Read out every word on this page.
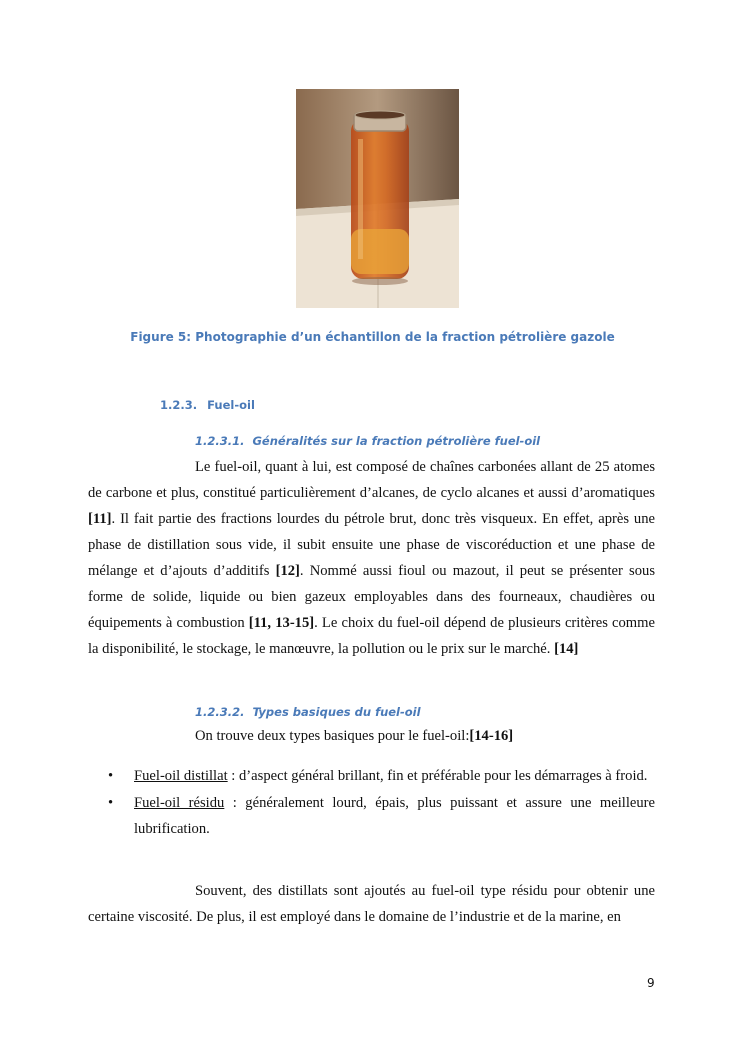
Figure 5: Photographie d’un échantillon de la fraction pétrolière gazole
1.2.3. Fuel-oil
1.2.3.1. Généralités sur la fraction pétrolière fuel-oil
Le fuel-oil, quant à lui, est composé de chaînes carbonées allant de 25 atomes de carbone et plus, constitué particulièrement d’alcanes, de cyclo alcanes et aussi d’aromatiques [11]. Il fait partie des fractions lourdes du pétrole brut, donc très visqueux. En effet, après une phase de distillation sous vide, il subit ensuite une phase de viscoréduction et une phase de mélange et d’ajouts d’additifs [12]. Nommé aussi fioul ou mazout, il peut se présenter sous forme de solide, liquide ou bien gazeux employables dans des fourneaux, chaudières ou équipements à combustion [11, 13-15]. Le choix du fuel-oil dépend de plusieurs critères comme la disponibilité, le stockage, le manœuvre, la pollution ou le prix sur le marché. [14]
1.2.3.2. Types basiques du fuel-oil
On trouve deux types basiques pour le fuel-oil:[14-16]
• Fuel-oil distillat : d’aspect général brillant, fin et préférable pour les démarrages à froid.
• Fuel-oil résidu : généralement lourd, épais, plus puissant et assure une meilleure lubrification.
Souvent, des distillats sont ajoutés au fuel-oil type résidu pour obtenir une certaine viscosité. De plus, il est employé dans le domaine de l’industrie et de la marine, en
9
